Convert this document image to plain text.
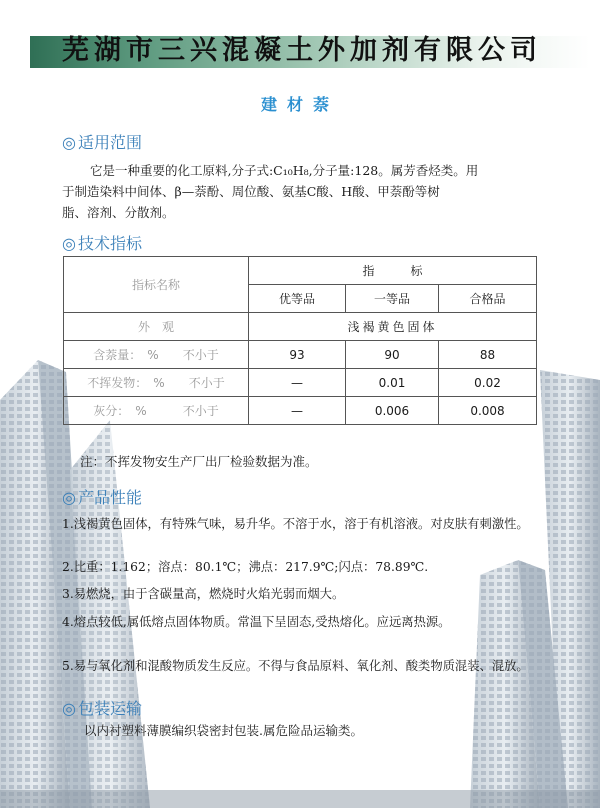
芜湖市三兴混凝土外加剂有限公司
建材萘
◎ 适用范围
它是一种重要的化工原料,分子式:C₁₀H₈,分子量:128。属芳香烃类。用
于制造染料中间体、β—萘酚、周位酸、氨基C酸、H酸、甲萘酚等树
脂、溶剂、分散剂。
◎ 技术指标
指标名称	指　　　标		
	优等品	一等品	合格品
外　观	浅褐黄色固体		
含萘量：　%　　不小于	93	90	88
不挥发物：　%　　不小于	—	0.01	0.02
灰分：　%　　　不小于	—	0.006	0.008
注：不挥发物安生产厂出厂检验数据为准。
◎ 产品性能
1.浅褐黄色固体，有特殊气味，易升华。不溶于水，溶于有机溶液。对皮肤有刺激性。
2.比重：1.162；溶点：80.1℃；沸点：217.9℃;闪点：78.89℃.
3.易燃烧，由于含碳量高，燃烧时火焰光弱而烟大。
4.熔点较低,属低熔点固体物质。常温下呈固态,受热熔化。应远离热源。
5.易与氧化剂和混酸物质发生反应。不得与食品原料、氧化剂、酸类物质混装、混放。
◎ 包装运输
以内衬塑料薄膜编织袋密封包装.属危险品运输类。
